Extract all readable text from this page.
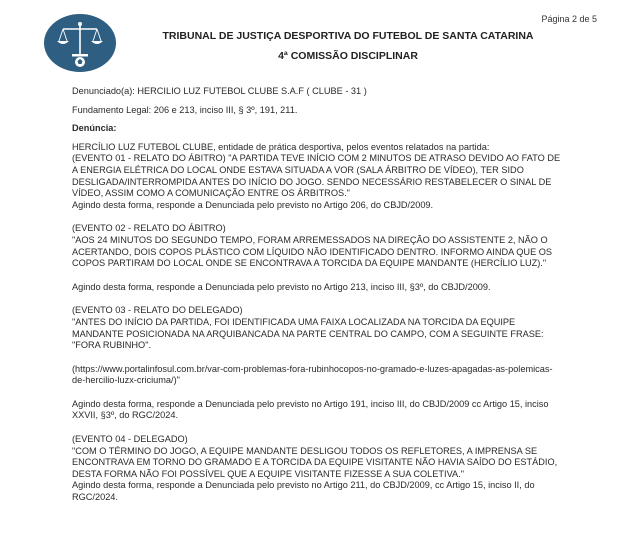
Página 2 de 5
TRIBUNAL DE JUSTIÇA DESPORTIVA DO FUTEBOL DE SANTA CATARINA
4ª COMISSÃO DISCIPLINAR

Denunciado(a): HERCILIO LUZ FUTEBOL CLUBE S.A.F ( CLUBE - 31 )

Fundamento Legal: 206 e 213, inciso III, § 3º, 191, 211.

Denúncia:

HERCÍLIO LUZ FUTEBOL CLUBE, entidade de prática desportiva, pelos eventos relatados na partida:

(EVENTO 01 - RELATO DO ÁBITRO) "A PARTIDA TEVE INÍCIO COM 2 MINUTOS DE ATRASO DEVIDO AO FATO DE A ENERGIA ELÉTRICA DO LOCAL ONDE ESTAVA SITUADA A VOR (SALA ÁRBITRO DE VÍDEO), TER SIDO DESLIGADA/INTERROMPIDA ANTES DO INÍCIO DO JOGO. SENDO NECESSÁRIO RESTABELECER O SINAL DE VÍDEO, ASSIM COMO A COMUNICAÇÃO ENTRE OS ÁRBITROS."

Agindo desta forma, responde a Denunciada pelo previsto no Artigo 206, do CBJD/2009.

(EVENTO 02 - RELATO DO ÁBITRO)

"AOS 24 MINUTOS DO SEGUNDO TEMPO, FORAM ARREMESSADOS NA DIREÇÃO DO ASSISTENTE 2, NÃO O ACERTANDO, DOIS COPOS PLÁSTICO COM LÍQUIDO NÃO IDENTIFICADO DENTRO. INFORMO AINDA QUE OS COPOS PARTIRAM DO LOCAL ONDE SE ENCONTRAVA A TORCIDA DA EQUIPE MANDANTE (HERCÍLIO LUZ)."

Agindo desta forma, responde a Denunciada pelo previsto no Artigo 213, inciso III, §3º, do CBJD/2009.

(EVENTO 03 - RELATO DO DELEGADO)

"ANTES DO INÍCIO DA PARTIDA, FOI IDENTIFICADA UMA FAIXA LOCALIZADA NA TORCIDA DA EQUIPE MANDANTE POSICIONADA NA ARQUIBANCADA NA PARTE CENTRAL DO CAMPO, COM A SEGUINTE FRASE: "FORA RUBINHO".

(https://www.portalinfosul.com.br/var-com-problemas-fora-rubinhocopos-no-gramado-e-luzes-apagadas-as-polemicas-de-hercilio-luzx-criciuma/)"

Agindo desta forma, responde a Denunciada pelo previsto no Artigo 191, inciso III, do CBJD/2009 cc Artigo 15, inciso XXVII, §3º, do RGC/2024.

(EVENTO 04 - DELEGADO)

"COM O TÉRMINO DO JOGO, A EQUIPE MANDANTE DESLIGOU TODOS OS REFLETORES, A IMPRENSA SE ENCONTRAVA EM TORNO DO GRAMADO E A TORCIDA DA EQUIPE VISITANTE NÃO HAVIA SAÍDO DO ESTÁDIO, DESTA FORMA NÃO FOI POSSÍVEL QUE A EQUIPE VISITANTE FIZESSE A SUA COLETIVA."

Agindo desta forma, responde a Denunciada pelo previsto no Artigo 211, do CBJD/2009, cc Artigo 15, inciso II, do RGC/2024.
